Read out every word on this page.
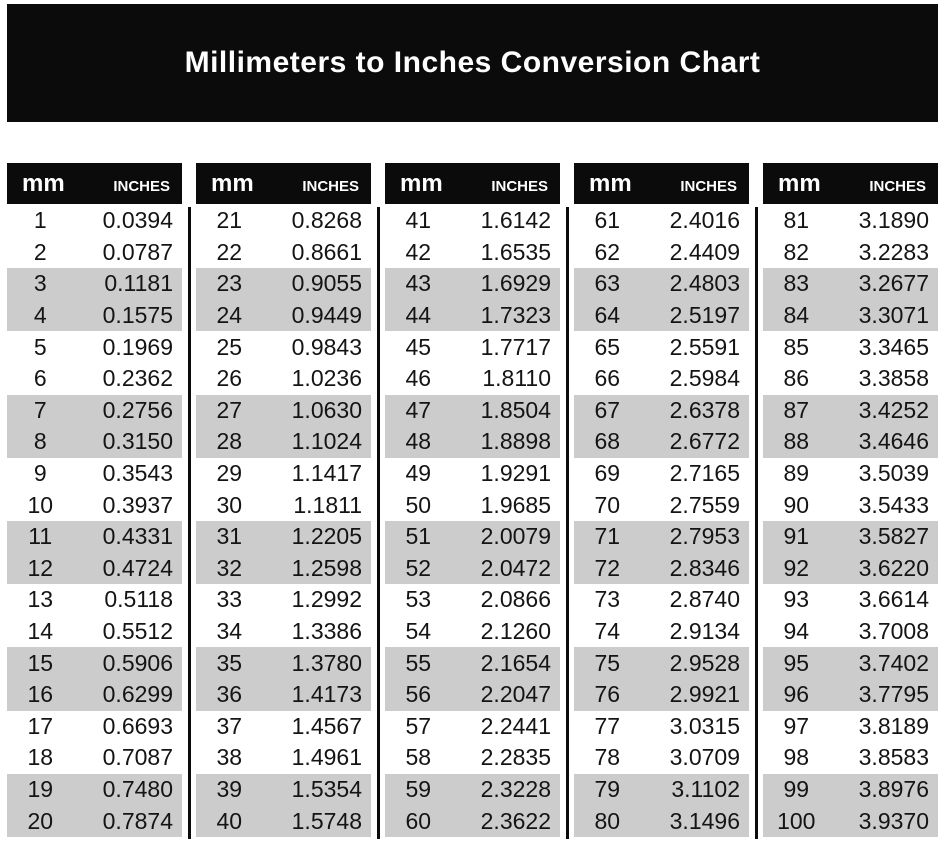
Millimeters to Inches Conversion Chart
mm inches
1	0.0394
2	0.0787
3	0.1181
4	0.1575
5	0.1969
6	0.2362
7	0.2756
8	0.3150
9	0.3543
10	0.3937
11	0.4331
12	0.4724
13	0.5118
14	0.5512
15	0.5906
16	0.6299
17	0.6693
18	0.7087
19	0.7480
20	0.7874
mm inches
21	0.8268
22	0.8661
23	0.9055
24	0.9449
25	0.9843
26	1.0236
27	1.0630
28	1.1024
29	1.1417
30	1.1811
31	1.2205
32	1.2598
33	1.2992
34	1.3386
35	1.3780
36	1.4173
37	1.4567
38	1.4961
39	1.5354
40	1.5748
mm inches
41	1.6142
42	1.6535
43	1.6929
44	1.7323
45	1.7717
46	1.8110
47	1.8504
48	1.8898
49	1.9291
50	1.9685
51	2.0079
52	2.0472
53	2.0866
54	2.1260
55	2.1654
56	2.2047
57	2.2441
58	2.2835
59	2.3228
60	2.3622
mm inches
61	2.4016
62	2.4409
63	2.4803
64	2.5197
65	2.5591
66	2.5984
67	2.6378
68	2.6772
69	2.7165
70	2.7559
71	2.7953
72	2.8346
73	2.8740
74	2.9134
75	2.9528
76	2.9921
77	3.0315
78	3.0709
79	3.1102
80	3.1496
mm inches
81	3.1890
82	3.2283
83	3.2677
84	3.3071
85	3.3465
86	3.3858
87	3.4252
88	3.4646
89	3.5039
90	3.5433
91	3.5827
92	3.6220
93	3.6614
94	3.7008
95	3.7402
96	3.7795
97	3.8189
98	3.8583
99	3.8976
100	3.9370
